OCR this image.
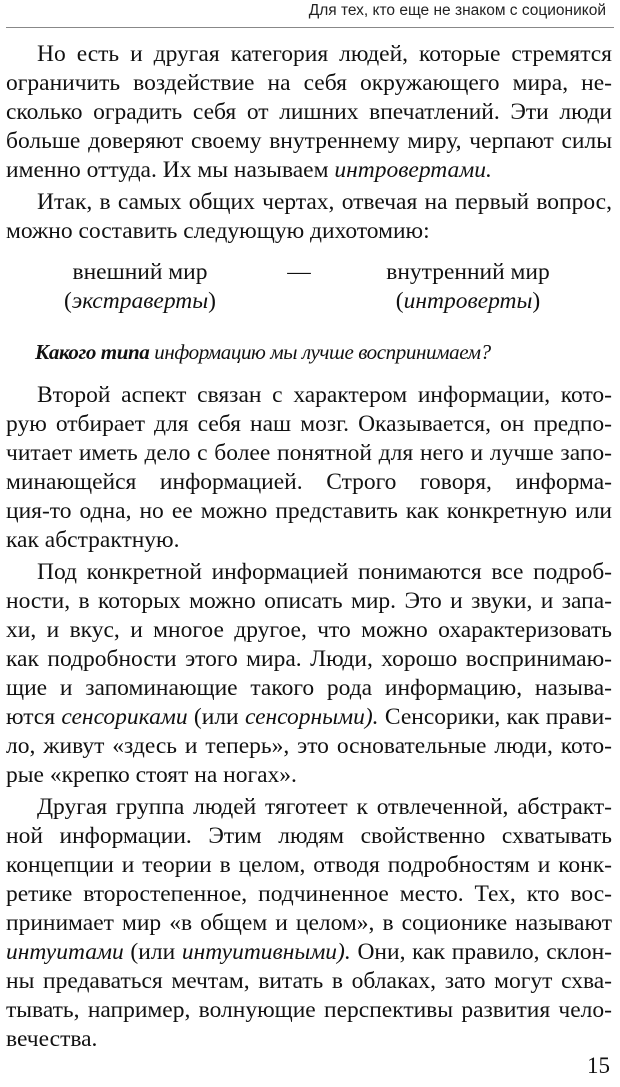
Для тех, кто еще не знаком с соционикой
Но есть и другая категория людей, которые стремятся
ограничить воздействие на себя окружающего мира, не-
сколько оградить себя от лишних впечатлений. Эти люди
больше доверяют своему внутреннему миру, черпают силы
именно оттуда. Их мы называем интровертами.
Итак, в самых общих чертах, отвечая на первый вопрос,
можно составить следующую дихотомию:
внешний мир	—	внутренний мир
(экстраверты)	(интроверты)
Какого типа информацию мы лучше воспринимаем?
Второй аспект связан с характером информации, кото-
рую отбирает для себя наш мозг. Оказывается, он предпо-
читает иметь дело с более понятной для него и лучше запо-
минающейся информацией. Строго говоря, информа-
ция-то одна, но ее можно представить как конкретную или
как абстрактную.
Под конкретной информацией понимаются все подроб-
ности, в которых можно описать мир. Это и звуки, и запа-
хи, и вкус, и многое другое, что можно охарактеризовать
как подробности этого мира. Люди, хорошо воспринимаю-
щие и запоминающие такого рода информацию, называ-
ются сенсориками (или сенсорными). Сенсорики, как прави-
ло, живут «здесь и теперь», это основательные люди, кото-
рые «крепко стоят на ногах».
Другая группа людей тяготеет к отвлеченной, абстракт-
ной информации. Этим людям свойственно схватывать
концепции и теории в целом, отводя подробностям и конк-
ретике второстепенное, подчиненное место. Тех, кто вос-
принимает мир «в общем и целом», в соционике называют
интуитами (или интуитивными). Они, как правило, склон-
ны предаваться мечтам, витать в облаках, зато могут схва-
тывать, например, волнующие перспективы развития чело-
вечества.
15
